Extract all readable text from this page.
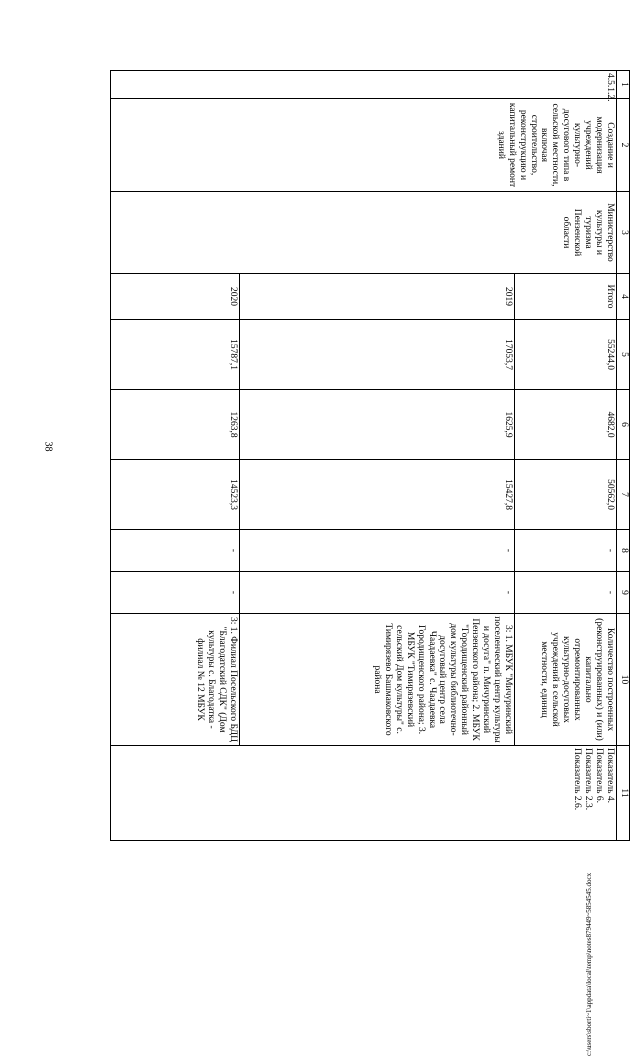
38
c:\users\sborti~1\appdata\local\temp\notes879449~5854545.docx
1	2	3	4	5	6	7	8	9	10	11
4.5.1.2.	Создание и модернизация учреждений культурно-досугового типа в сельской местности, включая строительство, реконструкцию и капитальный ремонт зданий	Министерство культуры и туризма Пензенской области	Итого	55244,0	4682,0	50562,0	-	-	Количество построенных (реконструированных) и (или) капитально отремонтированных культурно-досуговых учреждений в сельской местности, единиц	Показатель 4. Показатель 6. Показатель 2.3. Показатель 2.6.
			2019	17053,7	1625,9	15427,8	-	-	3: 1. МБУК "Мичуринский поселенческий центр культуры и досуга" п. Мичуринский Пензенского района; 2. МБУК "Городищенский районный дом культуры библиотечно-досуговый центр села Чаадаевка" с. Чаадаевка Городищенского района; 3. МБУК "Тимирязевский сельский Дом культуры" с. Тимирязево Башмаковского района	
			2020	15787,1	1263,8	14523,3	-	-	3: 1. Филиал Посельского БДЦ "Благодатский СДК" (Дом культуры с. Благодатка - филиал № 12 МБУК	
